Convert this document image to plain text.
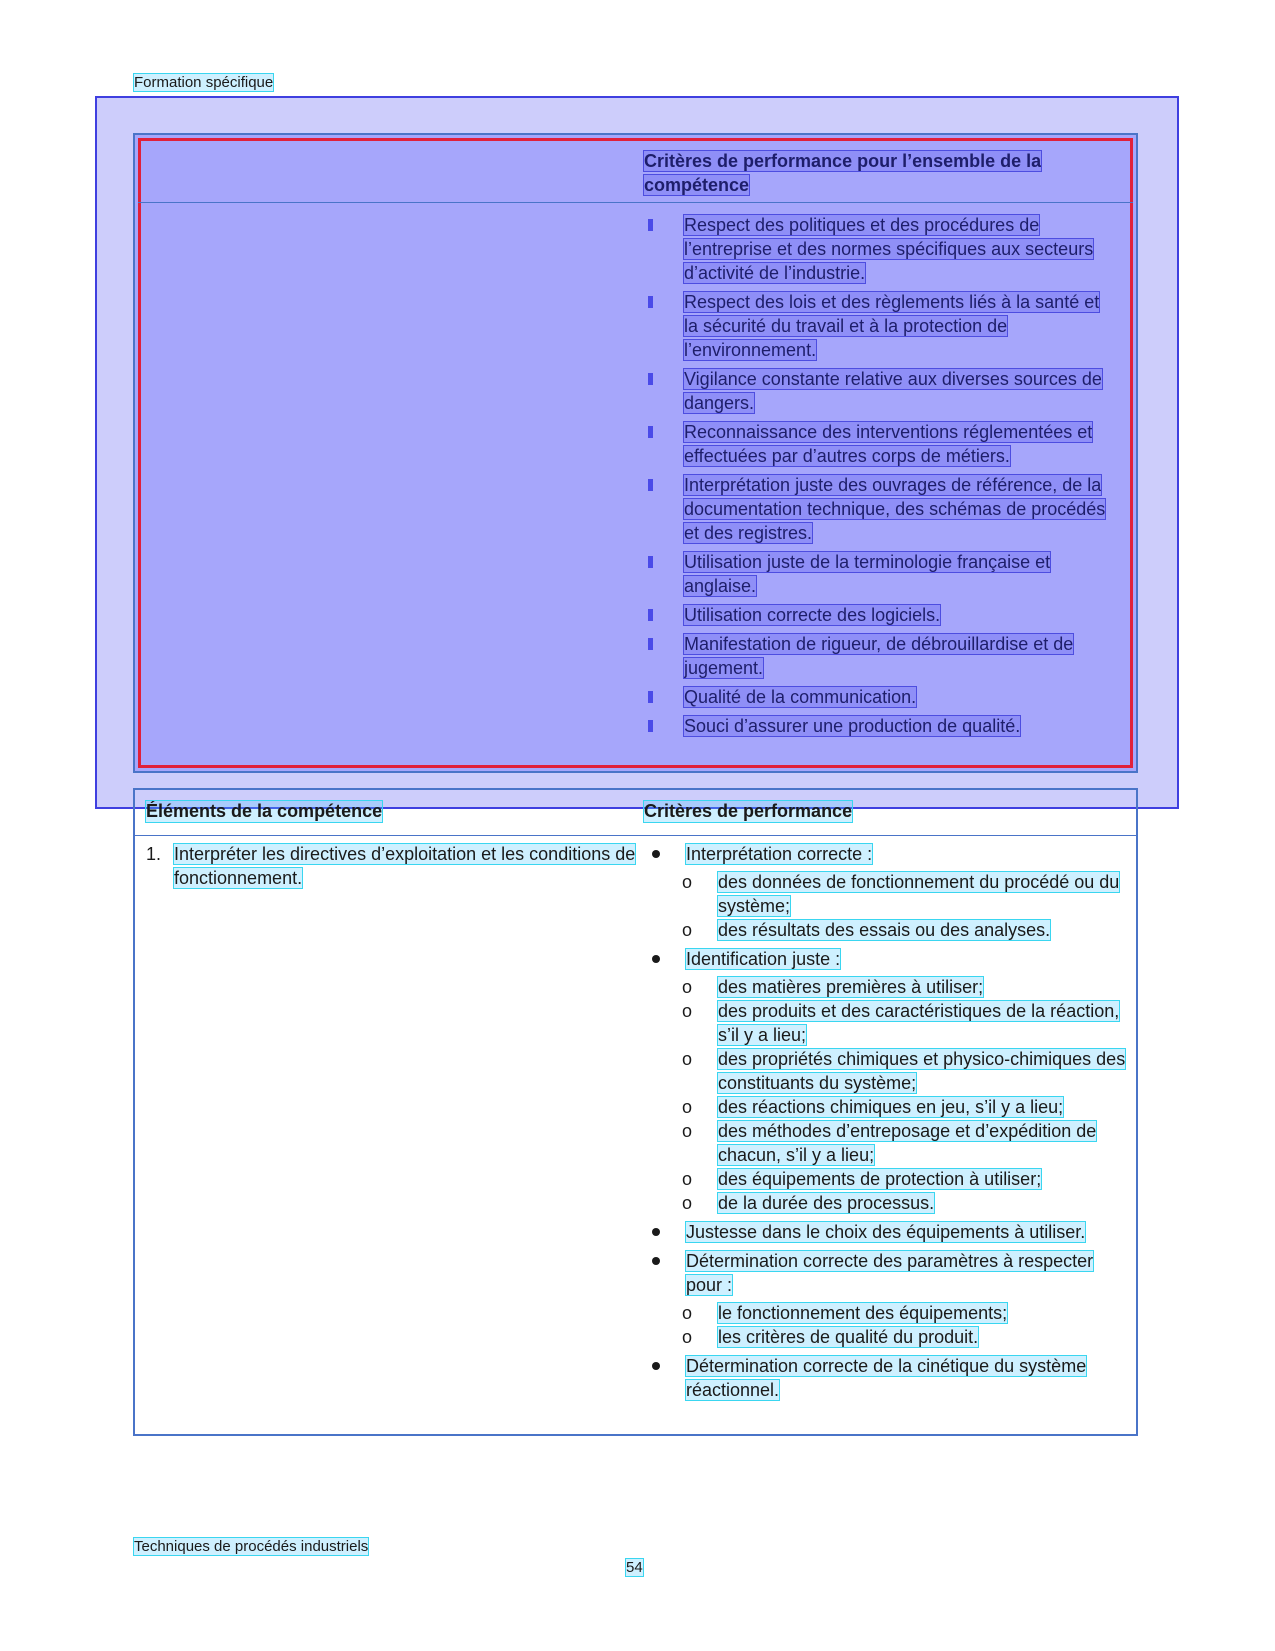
Formation spécifique
Critères de performance pour l’ensemble de la compétence
Respect des politiques et des procédures de l’entreprise et des normes spécifiques aux secteurs d’activité de l’industrie.
Respect des lois et des règlements liés à la santé et la sécurité du travail et à la protection de l’environnement.
Vigilance constante relative aux diverses sources de dangers.
Reconnaissance des interventions réglementées et effectuées par d’autres corps de métiers.
Interprétation juste des ouvrages de référence, de la documentation technique, des schémas de procédés et des registres.
Utilisation juste de la terminologie française et anglaise.
Utilisation correcte des logiciels.
Manifestation de rigueur, de débrouillardise et de jugement.
Qualité de la communication.
Souci d’assurer une production de qualité.
Éléments de la compétence	Critères de performance
1. Interpréter les directives d’exploitation et les conditions de fonctionnement.
Interprétation correcte :
o des données de fonctionnement du procédé ou du système;
o des résultats des essais ou des analyses.
Identification juste :
o des matières premières à utiliser;
o des produits et des caractéristiques de la réaction, s’il y a lieu;
o des propriétés chimiques et physico-chimiques des constituants du système;
o des réactions chimiques en jeu, s’il y a lieu;
o des méthodes d’entreposage et d’expédition de chacun, s’il y a lieu;
o des équipements de protection à utiliser;
o de la durée des processus.
Justesse dans le choix des équipements à utiliser.
Détermination correcte des paramètres à respecter pour :
o le fonctionnement des équipements;
o les critères de qualité du produit.
Détermination correcte de la cinétique du système réactionnel.
Techniques de procédés industriels
54
